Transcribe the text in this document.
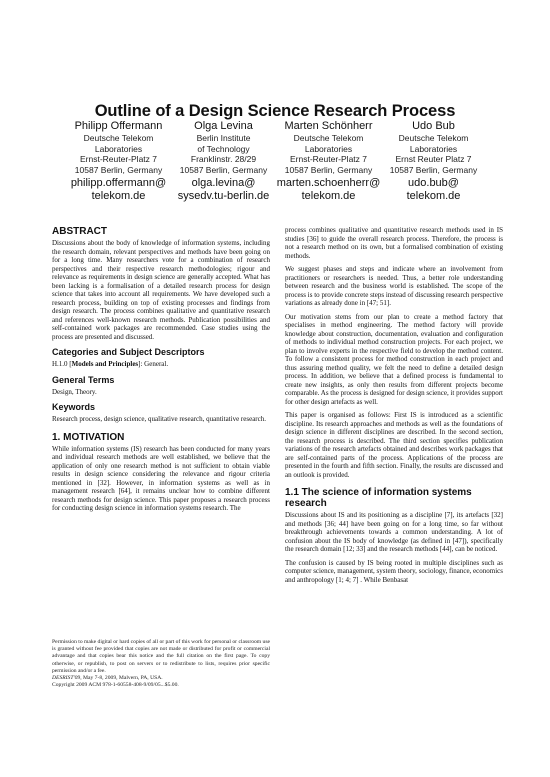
Outline of a Design Science Research Process
Philipp Offermann
Deutsche Telekom
Laboratories
Ernst-Reuter-Platz 7
10587 Berlin, Germany
philipp.offermann@
telekom.de
Olga Levina
Berlin Institute
of Technology
Franklinstr. 28/29
10587 Berlin, Germany
olga.levina@
sysedv.tu-berlin.de
Marten Schönherr
Deutsche Telekom
Laboratories
Ernst-Reuter-Platz 7
10587 Berlin, Germany
marten.schoenherr@
telekom.de
Udo Bub
Deutsche Telekom
Laboratories
Ernst Reuter Platz 7
10587 Berlin, Germany
udo.bub@
telekom.de
ABSTRACT

Discussions about the body of knowledge of information systems, including the research domain, relevant perspectives and methods have been going on for a long time. Many researchers vote for a combination of research perspectives and their respective research methodologies; rigour and relevance as requirements in design science are generally accepted. What has been lacking is a formalisation of a detailed research process for design science that takes into account all requirements. We have developed such a research process, building on top of existing processes and findings from design research. The process combines qualitative and quantitative research and references well-known research methods. Publication possibilities and self-contained work packages are recommended. Case studies using the process are presented and discussed.

Categories and Subject Descriptors

H.1.0 [Models and Principles]: General.

General Terms

Design, Theory.

Keywords

Research process, design science, qualitative research, quantitative research.

1. MOTIVATION

While information systems (IS) research has been conducted for many years and individual research methods are well established, we believe that the application of only one research method is not sufficient to obtain viable results in design science considering the relevance and rigour criteria mentioned in [32]. However, in information systems as well as in management research [64], it remains unclear how to combine different research methods for design science. This paper proposes a research process for conducting design science in information systems research. The

Permission to make digital or hard copies of all or part of this work for personal or classroom use is granted without fee provided that copies are not made or distributed for profit or commercial advantage and that copies bear this notice and the full citation on the first page. To copy otherwise, or republish, to post on servers or to redistribute to lists, requires prior specific permission and/or a fee.

DESRIST'09, May 7-8, 2009, Malvern, PA, USA.

Copyright 2009 ACM 978-1-60558-408-9/09/05...$5.00.

process combines qualitative and quantitative research methods used in IS studies [36] to guide the overall research process. Therefore, the process is not a research method on its own, but a formalised combination of existing methods.

We suggest phases and steps and indicate where an involvement from practitioners or researchers is needed. Thus, a better role understanding between research and the business world is established. The scope of the process is to provide concrete steps instead of discussing research perspective variations as already done in [47; 51].

Our motivation stems from our plan to create a method factory that specialises in method engineering. The method factory will provide knowledge about construction, documentation, evaluation and configuration of methods to individual method construction projects. For each project, we plan to involve experts in the respective field to develop the method content. To follow a consistent process for method construction in each project and thus assuring method quality, we felt the need to define a detailed design process. In addition, we believe that a defined process is fundamental to create new insights, as only then results from different projects become comparable. As the process is designed for design science, it provides support for other design artefacts as well.

This paper is organised as follows: First IS is introduced as a scientific discipline. Its research approaches and methods as well as the foundations of design science in different disciplines are described. In the second section, the research process is described. The third section specifies publication variations of the research artefacts obtained and describes work packages that are self-contained parts of the process. Applications of the process are presented in the fourth and fifth section. Finally, the results are discussed and an outlook is provided.

1.1 The science of information systems research

Discussions about IS and its positioning as a discipline [7], its artefacts [32] and methods [36; 44] have been going on for a long time, so far without breakthrough achievements towards a common understanding. A lot of confusion about the IS body of knowledge (as defined in [47]), specifically the research domain [12; 33] and the research methods [44], can be noticed.

The confusion is caused by IS being rooted in multiple disciplines such as computer science, management, system theory, sociology, finance, economics and anthropology [1; 4; 7] . While Benbasat
